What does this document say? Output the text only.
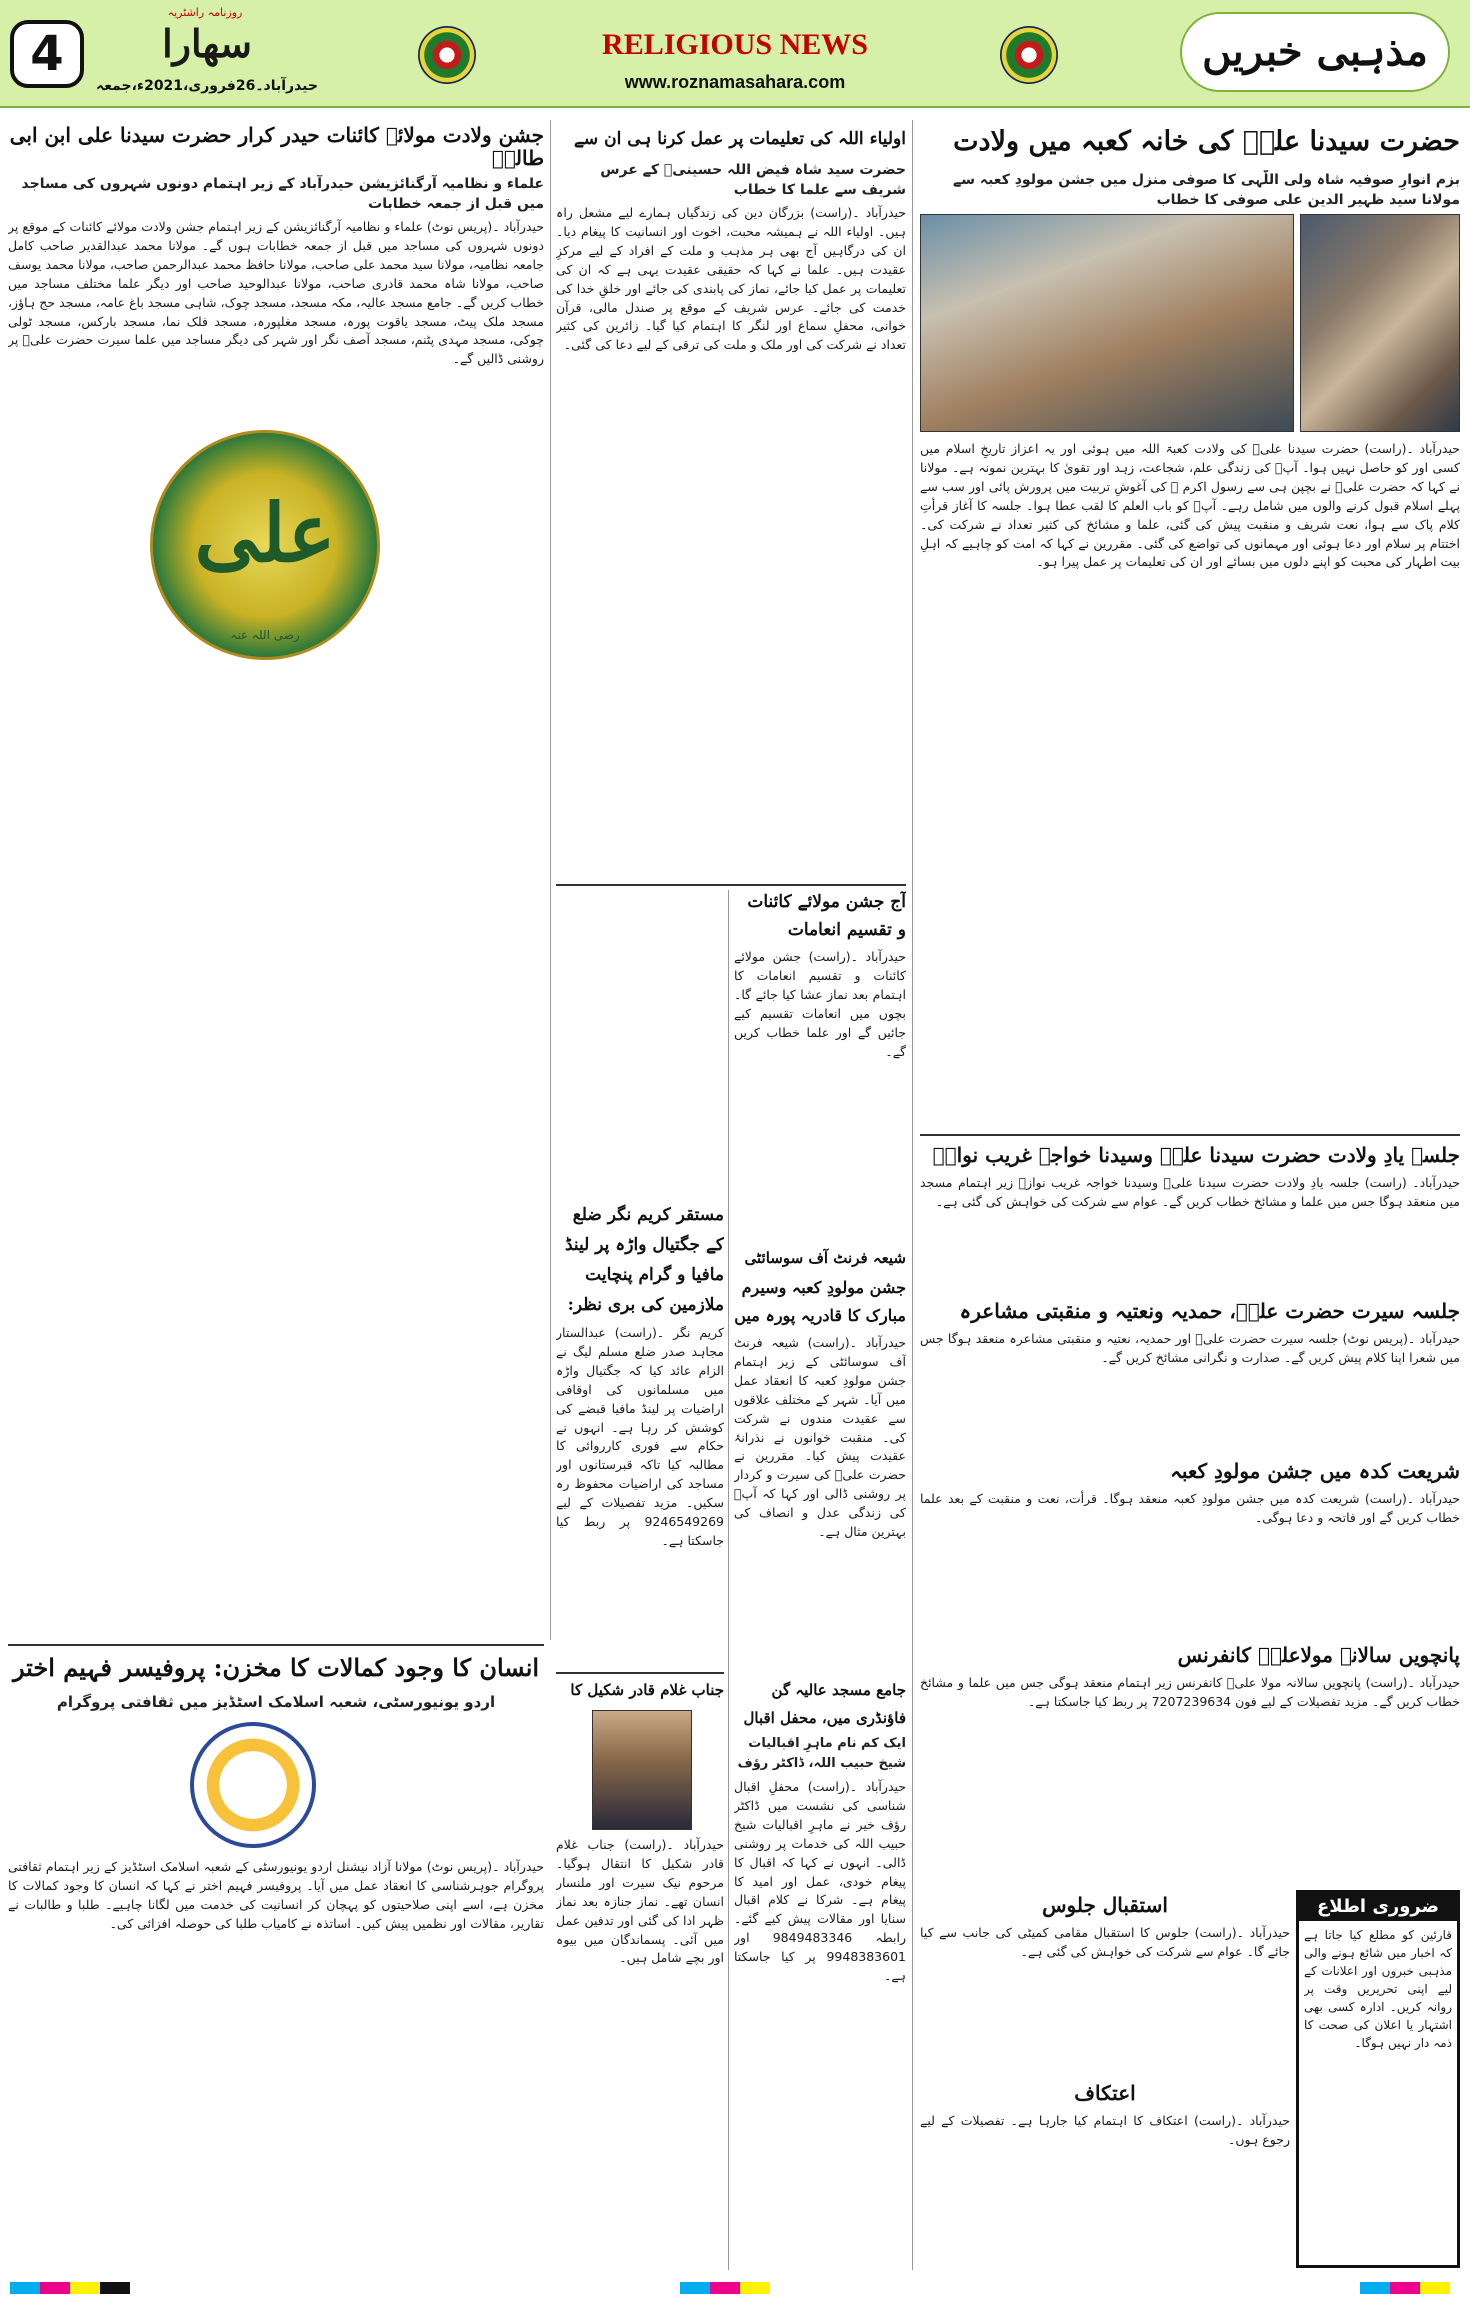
4
روزنامہ راشٹریہ
سهارا
حیدرآباد۔26فروری،2021ء،جمعہ
RELIGIOUS NEWS
www.roznamasahara.com
مذہبی خبریں
حضرت سیدنا علیؓ کی خانہ کعبہ میں ولادت
بزم انوارِ صوفیہ شاہ ولی اللّٰہی کا صوفی منزل میں جشن مولودِ کعبہ سے مولانا سید ظہیر الدین علی صوفی کا خطاب
حیدرآباد ۔(راست) حضرت سیدنا علیؓ کی ولادت کعبۃ اللہ میں ہوئی اور یہ اعزاز تاریخِ اسلام میں کسی اور کو حاصل نہیں ہوا۔ آپؓ کی زندگی علم، شجاعت، زہد اور تقویٰ کا بہترین نمونہ ہے۔ مولانا نے کہا کہ حضرت علیؓ نے بچپن ہی سے رسول اکرم ﷺ کی آغوشِ تربیت میں پرورش پائی اور سب سے پہلے اسلام قبول کرنے والوں میں شامل رہے۔ آپؓ کو باب العلم کا لقب عطا ہوا۔ جلسہ کا آغاز قرأتِ کلام پاک سے ہوا، نعت شریف و منقبت پیش کی گئی، علما و مشائخ کی کثیر تعداد نے شرکت کی۔ اختتام پر سلام اور دعا ہوئی اور مہمانوں کی تواضع کی گئی۔ مقررین نے کہا کہ امت کو چاہیے کہ اہلِ بیت اطہار کی محبت کو اپنے دلوں میں بسائے اور ان کی تعلیمات پر عمل پیرا ہو۔
جلسہ یادِ ولادت حضرت سیدنا علیؓ وسیدنا خواجہ غریب نوازؒ
حیدرآباد۔ (راست) جلسہ یادِ ولادت حضرت سیدنا علیؓ وسیدنا خواجہ غریب نوازؒ زیر اہتمام مسجد میں منعقد ہوگا جس میں علما و مشائخ خطاب کریں گے۔ عوام سے شرکت کی خواہش کی گئی ہے۔
جلسہ سیرت حضرت علیؓ، حمدیہ ونعتیہ و منقبتی مشاعرہ
حیدرآباد ۔(پریس نوٹ) جلسہ سیرت حضرت علیؓ اور حمدیہ، نعتیہ و منقبتی مشاعرہ منعقد ہوگا جس میں شعرا اپنا کلام پیش کریں گے۔ صدارت و نگرانی مشائخ کریں گے۔
شریعت کدہ میں جشن مولودِ کعبہ
حیدرآباد ۔(راست) شریعت کدہ میں جشن مولودِ کعبہ منعقد ہوگا۔ قرأت، نعت و منقبت کے بعد علما خطاب کریں گے اور فاتحہ و دعا ہوگی۔
پانچویں سالانہ مولاعلیؓ کانفرنس
حیدرآباد ۔(راست) پانچویں سالانہ مولا علیؓ کانفرنس زیر اہتمام منعقد ہوگی جس میں علما و مشائخ خطاب کریں گے۔ مزید تفصیلات کے لیے فون 7207239634 پر ربط کیا جاسکتا ہے۔
ضروری اطلاع
قارئین کو مطلع کیا جاتا ہے کہ اخبار میں شائع ہونے والی مذہبی خبروں اور اعلانات کے لیے اپنی تحریریں وقت پر روانہ کریں۔ ادارہ کسی بھی اشتہار یا اعلان کی صحت کا ذمہ دار نہیں ہوگا۔
استقبال جلوس
حیدرآباد ۔(راست) جلوس کا استقبال مقامی کمیٹی کی جانب سے کیا جائے گا۔ عوام سے شرکت کی خواہش کی گئی ہے۔
اعتکاف
حیدرآباد ۔(راست) اعتکاف کا اہتمام کیا جارہا ہے۔ تفصیلات کے لیے رجوع ہوں۔
اولیاء اللہ کی تعلیمات پر عمل کرنا ہی ان سے
حضرت سید شاہ فیض اللہ حسینیؒ کے عرس شریف سے علما کا خطاب
حیدرآباد ۔(راست) بزرگان دین کی زندگیاں ہمارے لیے مشعل راہ ہیں۔ اولیاء اللہ نے ہمیشہ محبت، اخوت اور انسانیت کا پیغام دیا۔ ان کی درگاہیں آج بھی ہر مذہب و ملت کے افراد کے لیے مرکزِ عقیدت ہیں۔ علما نے کہا کہ حقیقی عقیدت یہی ہے کہ ان کی تعلیمات پر عمل کیا جائے، نماز کی پابندی کی جائے اور خلقِ خدا کی خدمت کی جائے۔ عرس شریف کے موقع پر صندل مالی، قرآن خوانی، محفلِ سماع اور لنگر کا اہتمام کیا گیا۔ زائرین کی کثیر تعداد نے شرکت کی اور ملک و ملت کی ترقی کے لیے دعا کی گئی۔
آج جشن مولائے کائنات و تقسیم انعامات
حیدرآباد ۔(راست) جشن مولائے کائنات و تقسیم انعامات کا اہتمام بعد نماز عشا کیا جائے گا۔ بچوں میں انعامات تقسیم کیے جائیں گے اور علما خطاب کریں گے۔
شیعہ فرنٹ آف سوسائٹی
جشن مولودِ کعبہ وسیرم مبارک کا قادریہ پورہ میں
حیدرآباد ۔(راست) شیعہ فرنٹ آف سوسائٹی کے زیر اہتمام جشن مولودِ کعبہ کا انعقاد عمل میں آیا۔ شہر کے مختلف علاقوں سے عقیدت مندوں نے شرکت کی۔ منقبت خوانوں نے نذرانۂ عقیدت پیش کیا۔ مقررین نے حضرت علیؓ کی سیرت و کردار پر روشنی ڈالی اور کہا کہ آپؓ کی زندگی عدل و انصاف کی بہترین مثال ہے۔
جامع مسجد عالیہ گن فاؤنڈری میں، محفل اقبال
ایک کم نام ماہرِ اقبالیات شیخ حبیب اللہ، ڈاکٹر رؤف
حیدرآباد ۔(راست) محفلِ اقبال شناسی کی نشست میں ڈاکٹر رؤف خیر نے ماہرِ اقبالیات شیخ حبیب اللہ کی خدمات پر روشنی ڈالی۔ انہوں نے کہا کہ اقبال کا پیغام خودی، عمل اور امید کا پیغام ہے۔ شرکا نے کلام اقبال سنایا اور مقالات پیش کیے گئے۔ رابطہ 9849483346 اور 9948383601 پر کیا جاسکتا ہے۔
مستقر کریم نگر ضلع کے جگتیال واڑہ پر لینڈ مافیا و گرام پنچایت ملازمین کی بری نظر:
کریم نگر ۔(راست) عبدالستار مجاہد صدر ضلع مسلم لیگ نے الزام عائد کیا کہ جگتیال واڑہ میں مسلمانوں کی اوقافی اراضیات پر لینڈ مافیا قبضے کی کوشش کر رہا ہے۔ انہوں نے حکام سے فوری کارروائی کا مطالبہ کیا تاکہ قبرستانوں اور مساجد کی اراضیات محفوظ رہ سکیں۔ مزید تفصیلات کے لیے 9246549269 پر ربط کیا جاسکتا ہے۔
جناب غلام قادر شکیل کا
حیدرآباد ۔(راست) جناب غلام قادر شکیل کا انتقال ہوگیا۔ مرحوم نیک سیرت اور ملنسار انسان تھے۔ نماز جنازہ بعد نماز ظہر ادا کی گئی اور تدفین عمل میں آئی۔ پسماندگان میں بیوہ اور بچے شامل ہیں۔
جشن ولادت مولائے کائنات حیدر کرار حضرت سیدنا علی ابن ابی طالبؓ
علماء و نظامیہ آرگنائزیشن حیدرآباد کے زیر اہتمام دونوں شہروں کی مساجد میں قبل از جمعہ خطابات
حیدرآباد ۔(پریس نوٹ) علماء و نظامیہ آرگنائزیشن کے زیر اہتمام جشن ولادت مولائے کائنات کے موقع پر دونوں شہروں کی مساجد میں قبل از جمعہ خطابات ہوں گے۔ مولانا محمد عبدالقدیر صاحب کامل جامعہ نظامیہ، مولانا سید محمد علی صاحب، مولانا حافظ محمد عبدالرحمن صاحب، مولانا محمد یوسف صاحب، مولانا شاہ محمد قادری صاحب، مولانا عبدالوحید صاحب اور دیگر علما مختلف مساجد میں خطاب کریں گے۔ جامع مسجد عالیہ، مکہ مسجد، مسجد چوک، شاہی مسجد باغ عامہ، مسجد حج ہاؤز، مسجد ملک پیٹ، مسجد یاقوت پورہ، مسجد مغلپورہ، مسجد فلک نما، مسجد بارکس، مسجد ٹولی چوکی، مسجد مہدی پٹنم، مسجد آصف نگر اور شہر کی دیگر مساجد میں علما سیرت حضرت علیؓ پر روشنی ڈالیں گے۔
علی
رضی اللہ عنہ
انسان کا وجود کمالات کا مخزن: پروفیسر فہیم اختر
اردو یونیورسٹی، شعبہ اسلامک اسٹڈیز میں ثقافتی پروگرام
حیدرآباد ۔(پریس نوٹ) مولانا آزاد نیشنل اردو یونیورسٹی کے شعبہ اسلامک اسٹڈیز کے زیر اہتمام ثقافتی پروگرام جوہرشناسی کا انعقاد عمل میں آیا۔ پروفیسر فہیم اختر نے کہا کہ انسان کا وجود کمالات کا مخزن ہے، اسے اپنی صلاحیتوں کو پہچان کر انسانیت کی خدمت میں لگانا چاہیے۔ طلبا و طالبات نے تقاریر، مقالات اور نظمیں پیش کیں۔ اساتذہ نے کامیاب طلبا کی حوصلہ افزائی کی۔
